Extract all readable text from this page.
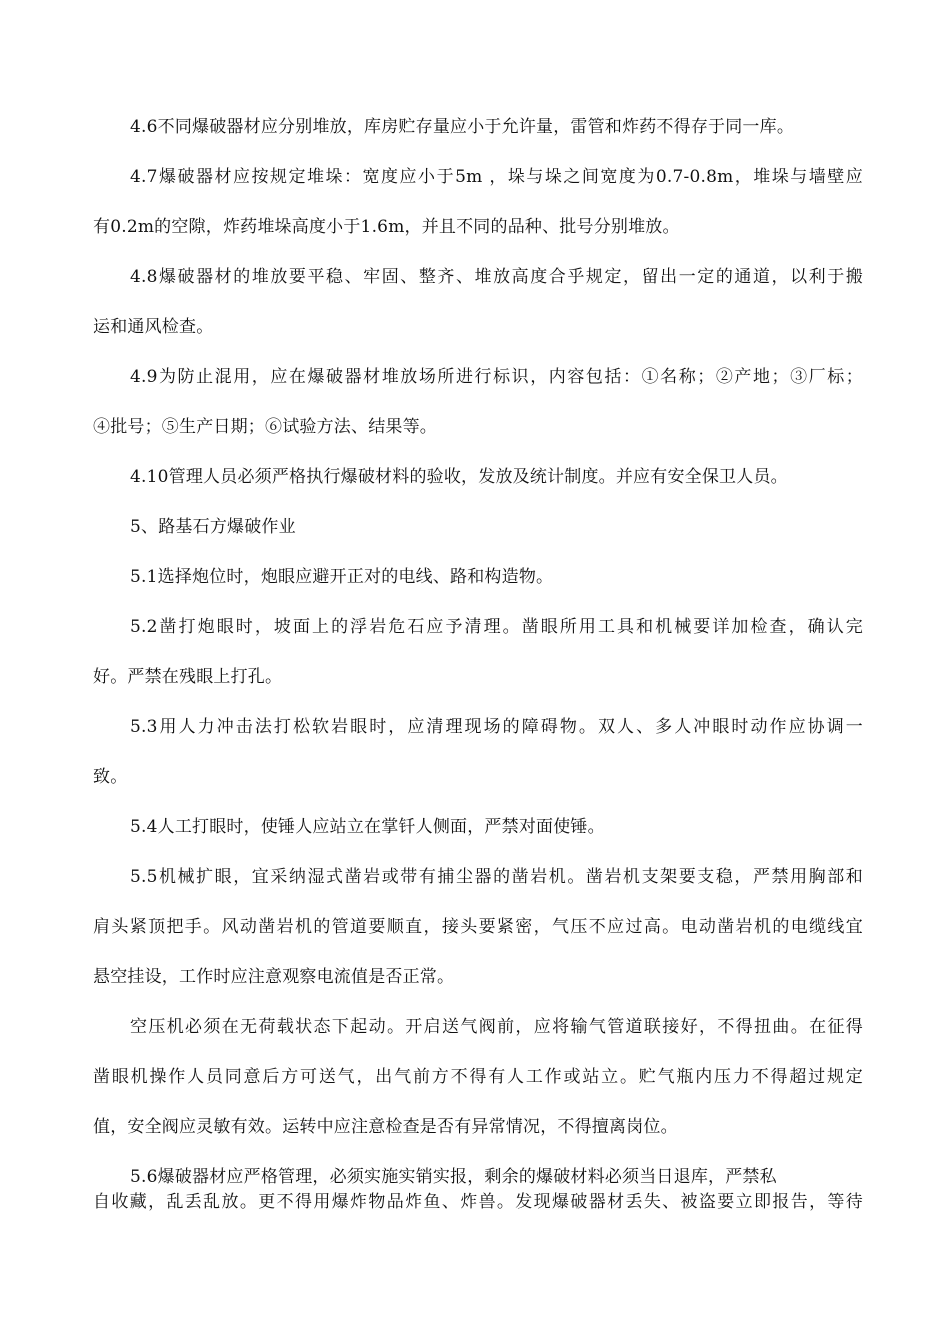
4.6不同爆破器材应分别堆放，库房贮存量应小于允许量，雷管和炸药不得存于同一库。
4.7爆破器材应按规定堆垛：宽度应小于5m ，垛与垛之间宽度为0.7-0.8m，堆垛与墙壁应
有0.2m的空隙，炸药堆垛高度小于1.6m，并且不同的品种、批号分别堆放。
4.8爆破器材的堆放要平稳、牢固、整齐、堆放高度合乎规定，留出一定的通道，以利于搬
运和通风检查。
4.9为防止混用，应在爆破器材堆放场所进行标识，内容包括：①名称；②产地；③厂标；
④批号；⑤生产日期；⑥试验方法、结果等。
4.10管理人员必须严格执行爆破材料的验收，发放及统计制度。并应有安全保卫人员。
5、路基石方爆破作业
5.1选择炮位时，炮眼应避开正对的电线、路和构造物。
5.2凿打炮眼时，坡面上的浮岩危石应予清理。凿眼所用工具和机械要详加检查，确认完
好。严禁在残眼上打孔。
5.3用人力冲击法打松软岩眼时，应清理现场的障碍物。双人、多人冲眼时动作应协调一
致。
5.4人工打眼时，使锤人应站立在掌钎人侧面，严禁对面使锤。
5.5机械扩眼，宜采纳湿式凿岩或带有捕尘器的凿岩机。凿岩机支架要支稳，严禁用胸部和
肩头紧顶把手。风动凿岩机的管道要顺直，接头要紧密，气压不应过高。电动凿岩机的电缆线宜
悬空挂设，工作时应注意观察电流值是否正常。
空压机必须在无荷载状态下起动。开启送气阀前，应将输气管道联接好，不得扭曲。在征得
凿眼机操作人员同意后方可送气，出气前方不得有人工作或站立。贮气瓶内压力不得超过规定
值，安全阀应灵敏有效。运转中应注意检查是否有异常情况，不得擅离岗位。
5.6爆破器材应严格管理，必须实施实销实报，剩余的爆破材料必须当日退库，严禁私
自收藏，乱丢乱放。更不得用爆炸物品炸鱼、炸兽。发现爆破器材丢失、被盗要立即报告，等待
